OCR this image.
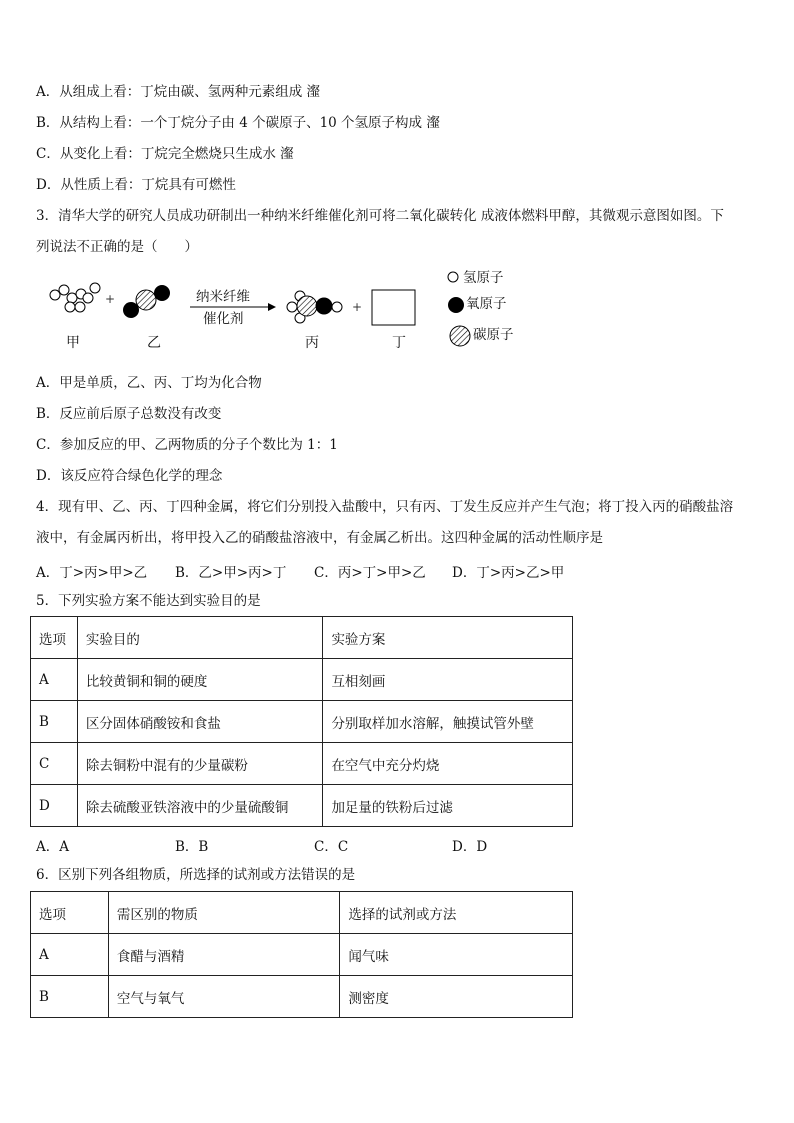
A．从组成上看：丁烷由碳、氢两种元素组成 瀣
B．从结构上看：一个丁烷分子由 4 个碳原子、10 个氢原子构成 瀣
C．从变化上看：丁烷完全燃烧只生成水 瀣
D．从性质上看：丁烷具有可燃性
3．清华大学的研究人员成功研制出一种纳米纤维催化剂可将二氧化碳转化 成液体燃料甲醇，其微观示意图如图。下
列说法不正确的是（　　）
+	纳米纤维
催化剂
+
甲	乙	丙	丁
氢原子
氧原子
碳原子
A．甲是单质，乙、丙、丁均为化合物
B．反应前后原子总数没有改变
C．参加反应的甲、乙两物质的分子个数比为 1：1
D．该反应符合绿色化学的理念
4．现有甲、乙、丙、丁四种金属，将它们分别投入盐酸中，只有丙、丁发生反应并产生气泡；将丁投入丙的硝酸盐溶
液中，有金属丙析出，将甲投入乙的硝酸盐溶液中，有金属乙析出。这四种金属的活动性顺序是
A．丁>丙>甲>乙 B．乙>甲>丙>丁 C．丙>丁>甲>乙 D．丁>丙>乙>甲
5．下列实验方案不能达到实验目的是
选项	实验目的	实验方案
A	比较黄铜和铜的硬度	互相刻画
B	区分固体硝酸铵和食盐	分别取样加水溶解，触摸试管外壁
C	除去铜粉中混有的少量碳粉	在空气中充分灼烧
D	除去硫酸亚铁溶液中的少量硫酸铜	加足量的铁粉后过滤
A．A	B．B	C．C	D．D
6．区别下列各组物质，所选择的试剂或方法错误的是
选项	需区别的物质	选择的试剂或方法
A	食醋与酒精	闻气味
B	空气与氧气	测密度
